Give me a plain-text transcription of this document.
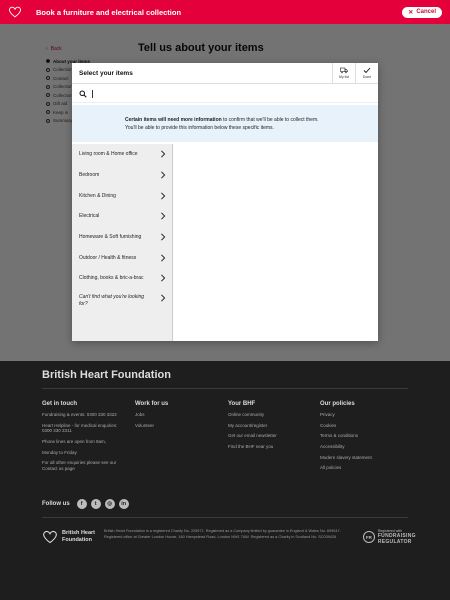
Book a furniture and electrical collection	✕ Cancel
British Heart Foundation
Get in touch

Fundraising & events: 0300 330 3322

Heart Helpline - for medical enquiries: 0300 330 3311

Phone lines are open from 9am,

Monday to Friday

For all other enquiries please see our Contact us page

Work for us

Jobs

Volunteer

Your BHF

Online community

My account/register

Get our email newsletter

Find the BHF near you

Our policies

Privacy

Cookies

Terms & conditions

Accessibility

Modern slavery statement

All policies

Follow us	f	t	◎	in
British Heart
Foundation
British Heart Foundation is a registered Charity No. 225971. Registered as a Company limited by guarantee in England & Wales No. 699547. Registered office at Greater London House, 180 Hampstead Road, London NW1 7AW. Registered as a Charity in Scotland No. SC039426	FR
Registered with
FUNDRAISING REGULATOR
Select your items
My list	Done
Certain items will need more information to confirm that we'll be able to collect them. You'll be able to provide this information below these specific items.
Living room & Home office
Bedroom
Kitchen & Dining
Electrical
Homeware & Soft furnishing
Outdoor / Health & fitness
Clothing, books & bric-a-brac
Can't find what you're looking for?
